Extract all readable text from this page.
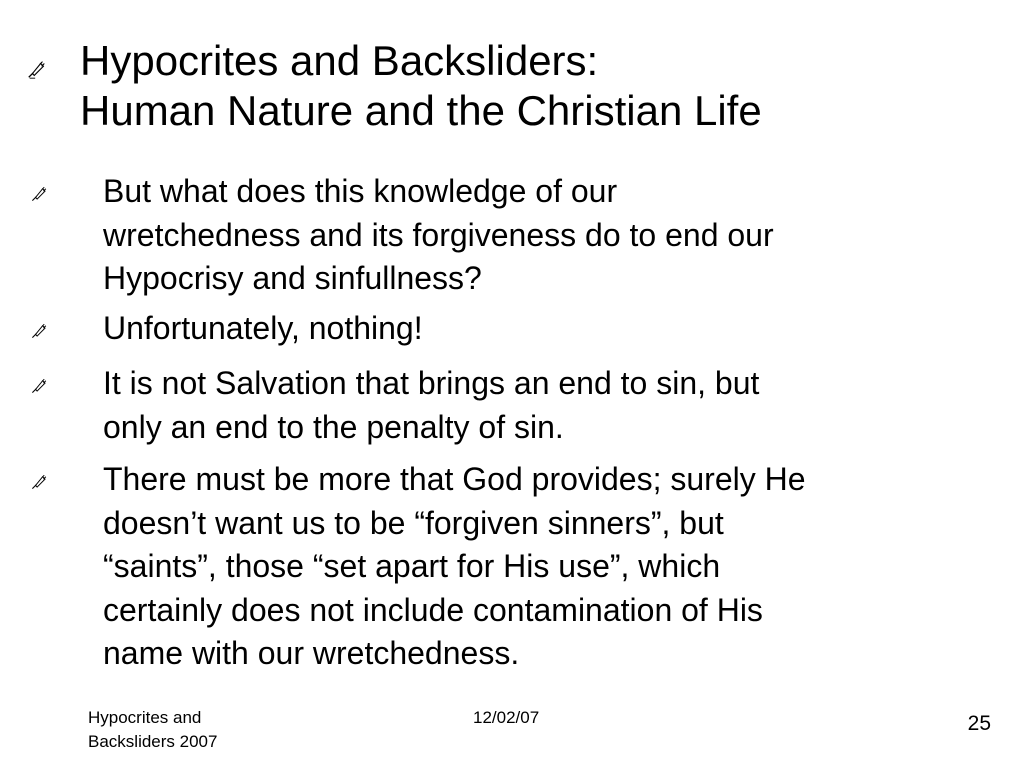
Hypocrites and Backsliders:
Human Nature and the Christian Life
But what does this knowledge of our
wretchedness and its forgiveness do to end our
Hypocrisy and sinfullness?
Unfortunately, nothing!
It is not Salvation that brings an end to sin, but
only an end to the penalty of sin.
There must be more that God provides; surely He
doesn’t want us to be “forgiven sinners”, but
“saints”, those “set apart for His use”, which
certainly does not include contamination of His
name with our wretchedness.
Hypocrites and
Backsliders 2007
12/02/07	25
